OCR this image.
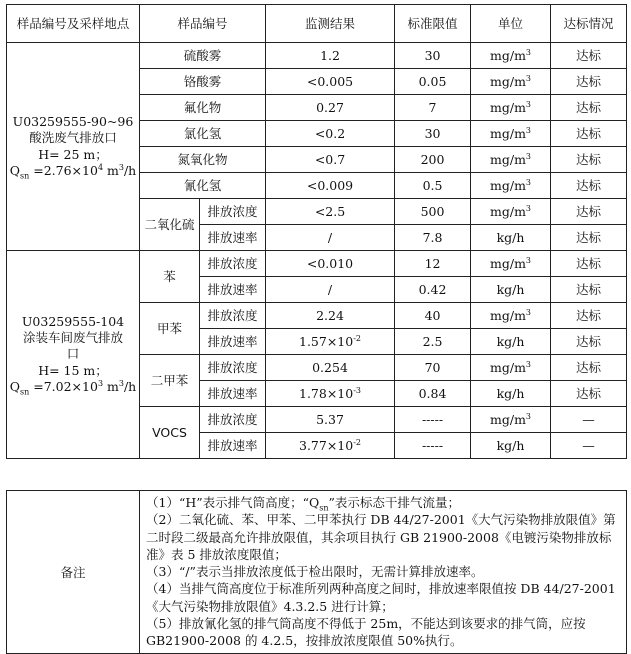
样品编号及采样地点	样品编号		监测结果	标准限值	单位	达标情况

U03259555-90~96
酸洗废气排放口
H= 25 m；
$Q_{sn} =2.76\times 10^4$ $m^3/h$	硫酸雾		1.2	30	$mg/m^3$	达标
	铬酸雾		<0.005	0.05	$mg/m^3$	达标
	氟化物		0.27	7	$mg/m^3$	达标
	氯化氢		<0.2	30	$mg/m^3$	达标
	氮氧化物		<0.7	200	$mg/m^3$	达标
	氰化氢		<0.009	0.5	$mg/m^3$	达标
	二氧化硫	排放浓度	<2.5	500	$mg/m^3$	达标
		排放速率	/	7.8	kg/h	达标

U03259555-104
涂装车间废气排放
口
H= 15 m；
$Q_{sn} =7.02\times 10^3$ $m^3/h$	苯	排放浓度	<0.010	12	$mg/m^3$	达标
		排放速率	/	0.42	kg/h	达标
	甲苯	排放浓度	2.24	40	$mg/m^3$	达标
		排放速率	$1.57\times 10^{-2}$	2.5	kg/h	达标
	二甲苯	排放浓度	0.254	70	$mg/m^3$	达标
		排放速率	$1.78\times 10^{-3}$	0.84	kg/h	达标
	VOCS	排放浓度	5.37	-----	$mg/m^3$	—
		排放速率	$3.77\times 10^{-2}$	-----	kg/h	—
备注	

（1）“H”表示排气筒高度；“$Q_{sn}$”表示标态干排气流量；

（2）二氧化硫、苯、甲苯、二甲苯执行 DB 44/27-2001《大气污染物排放限值》第二时段二级最高允许排放限值，其余项目执行 GB 21900-2008《电镀污染物排放标准》表 5 排放浓度限值；

（3）“/”表示当排放浓度低于检出限时，无需计算排放速率。

（4）当排气筒高度位于标准所列两种高度之间时，排放速率限值按 DB 44/27-2001《大气污染物排放限值》4.3.2.5 进行计算；

（5）排放氰化氢的排气筒高度不得低于 25m，不能达到该要求的排气筒，应按 GB21900-2008 的 4.2.5，按排放浓度限值 50%执行。
